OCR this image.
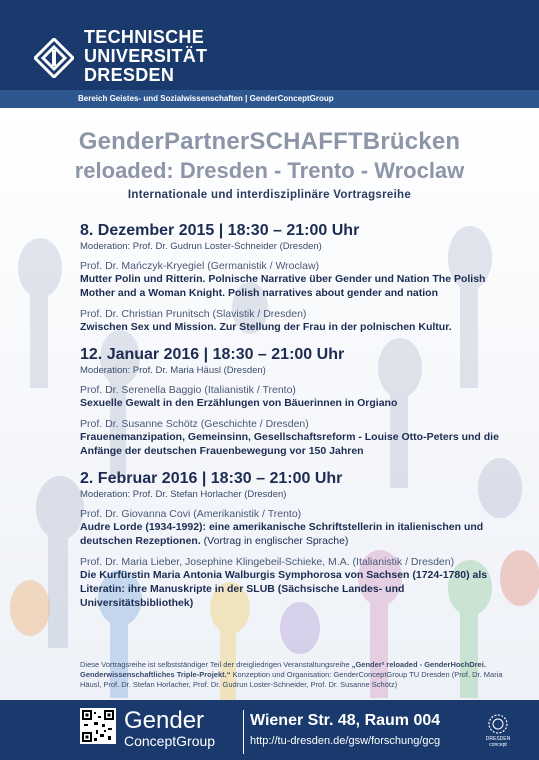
TECHNISCHE
UNIVERSITÄT
DRESDEN
Bereich Geistes- und Sozialwissenschaften | GenderConceptGroup
GenderPartnerSCHAFFTBrücken
reloaded: Dresden - Trento - Wroclaw
Internationale und interdisziplinäre Vortragsreihe
8. Dezember 2015 | 18:30 – 21:00 Uhr
Moderation: Prof. Dr. Gudrun Loster-Schneider (Dresden)
Prof. Dr. Mańczyk-Kryegiel (Germanistik / Wroclaw)
Mutter Polin und Ritterin. Polnische Narrative über Gender und Nation The Polish Mother and a Woman Knight. Polish narratives about gender and nation
Prof. Dr. Christian Prunitsch (Slavistik / Dresden)
Zwischen Sex und Mission. Zur Stellung der Frau in der polnischen Kultur.
12. Januar 2016 | 18:30 – 21:00 Uhr
Moderation: Prof. Dr. Maria Häusl (Dresden)
Prof. Dr. Serenella Baggio (Italianistik / Trento)
Sexuelle Gewalt in den Erzählungen von Bäuerinnen in Orgiano
Prof. Dr. Susanne Schötz (Geschichte / Dresden)
Frauenemanzipation, Gemeinsinn, Gesellschaftsreform - Louise Otto-Peters und die Anfänge der deutschen Frauenbewegung vor 150 Jahren
2. Februar 2016 | 18:30 – 21:00 Uhr
Moderation: Prof. Dr. Stefan Horlacher (Dresden)
Prof. Dr. Giovanna Covi (Amerikanistik / Trento)
Audre Lorde (1934-1992): eine amerikanische Schriftstellerin in italienischen und deutschen Rezeptionen. (Vortrag in englischer Sprache)
Prof. Dr. Maria Lieber, Josephine Klingebeil-Schieke, M.A. (Italianistik / Dresden)
Die Kurfürstin Maria Antonia Walburgis Symphorosa von Sachsen (1724-1780) als Literatin: ihre Manuskripte in der SLUB (Sächsische Landes- und Universitätsbibliothek)
Diese Vortragsreihe ist selbstständiger Teil der dreigliedrigen Veranstaltungsreihe „Gender² reloaded - GenderHochDrei. Genderwissenschaftliches Triple-Projekt.“ Konzeption und Organisation: GenderConceptGroup TU Dresden (Prof. Dr. Maria Häusl, Prof. Dr. Stefan Horlacher, Prof. Dr. Gudrun Loster-Schneider, Prof. Dr. Susanne Schötz)
Gender
ConceptGroup
Wiener Str. 48, Raum 004
http://tu-dresden.de/gsw/forschung/gcg	DRESDEN concept
